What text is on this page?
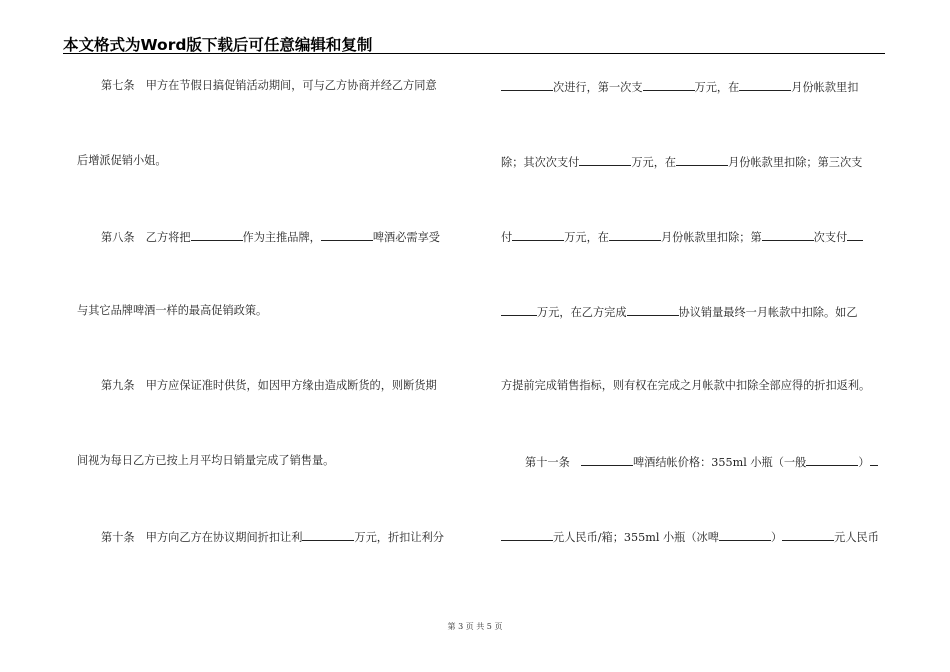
本文格式为Word版下载后可任意编辑和复制
第七条　甲方在节假日搞促销活动期间，可与乙方协商并经乙方同意
后增派促销小姐。
第八条　乙方将把	作为主推品牌，	啤酒必需享受
与其它品牌啤酒一样的最高促销政策。
第九条　甲方应保证准时供货，如因甲方缘由造成断货的，则断货期
间视为每日乙方已按上月平均日销量完成了销售量。
第十条　甲方向乙方在协议期间折扣让利	万元，折扣让利分
次进行，第一次支	万元，在	月份帐款里扣
除；其次次支付	万元，在	月份帐款里扣除；第三次支
付	万元，在	月份帐款里扣除；第	次支付
万元，在乙方完成	协议销量最终一月帐款中扣除。如乙
方提前完成销售指标，则有权在完成之月帐款中扣除全部应得的折扣返利。
第十一条　	啤酒结帐价格：355ml 小瓶（一般	）
元人民币/箱；355ml 小瓶（冰啤	）	元人民币
第 3 页 共 5 页
